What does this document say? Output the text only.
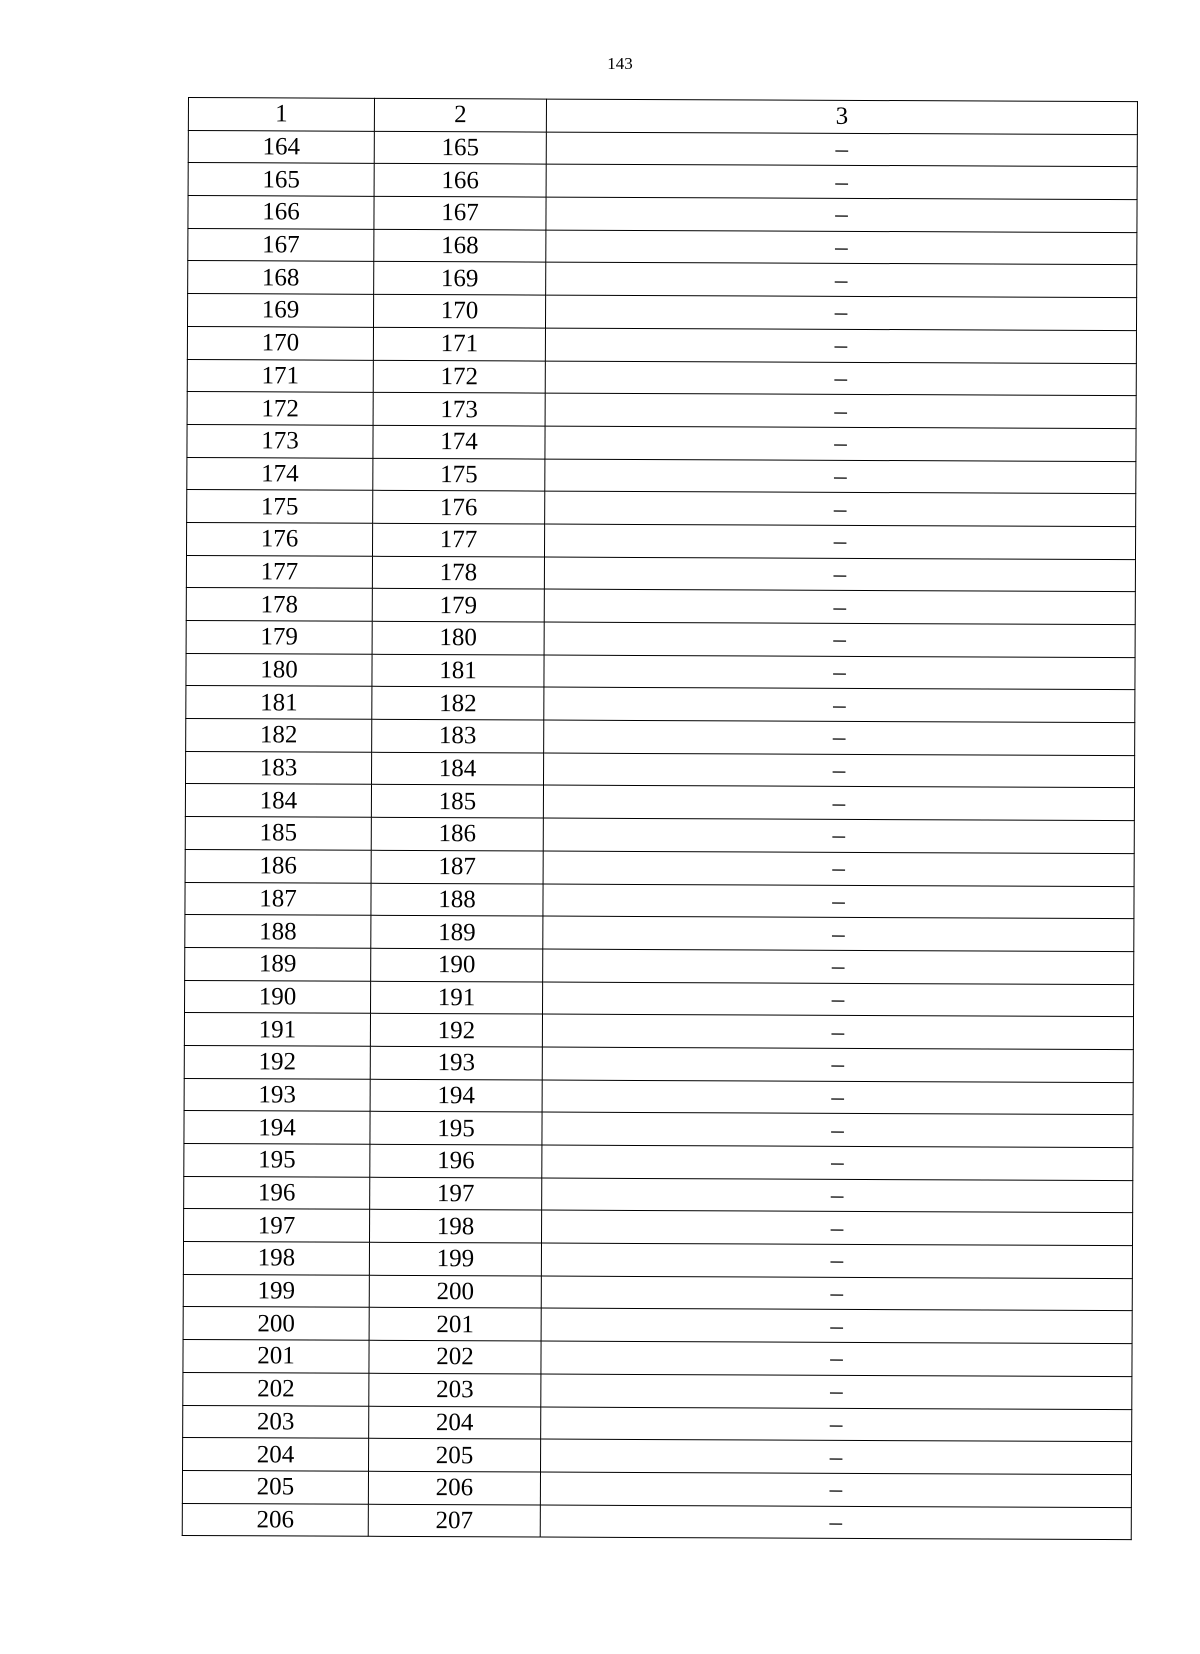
143
1	2	3
164	165	–
165	166	–
166	167	–
167	168	–
168	169	–
169	170	–
170	171	–
171	172	–
172	173	–
173	174	–
174	175	–
175	176	–
176	177	–
177	178	–
178	179	–
179	180	–
180	181	–
181	182	–
182	183	–
183	184	–
184	185	–
185	186	–
186	187	–
187	188	–
188	189	–
189	190	–
190	191	–
191	192	–
192	193	–
193	194	–
194	195	–
195	196	–
196	197	–
197	198	–
198	199	–
199	200	–
200	201	–
201	202	–
202	203	–
203	204	–
204	205	–
205	206	–
206	207	–
